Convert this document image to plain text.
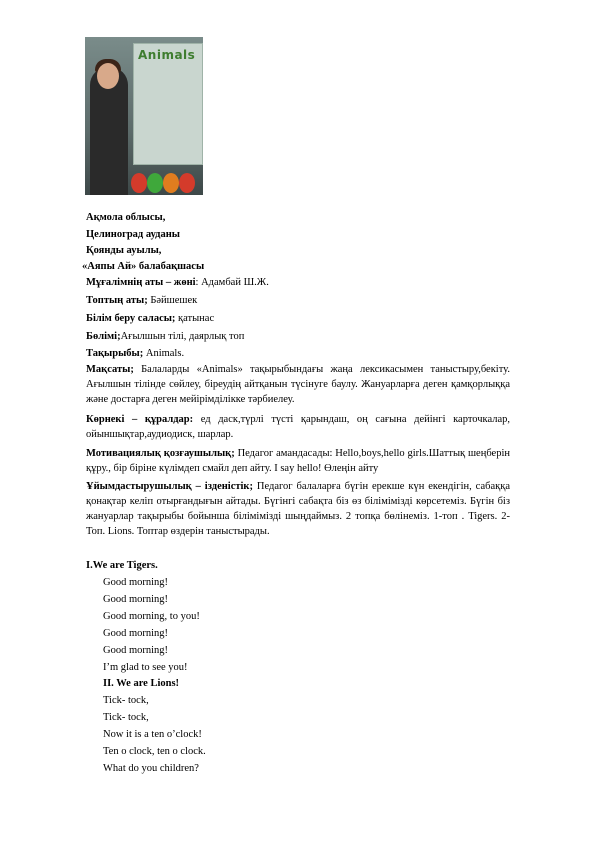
Animals
Ақмола облысы,
Целиноград ауданы
Қоянды ауылы,
«Аяпы Ай» балабақшасы
Мұғалімнің аты – жөні: Адамбай Ш.Ж.
Топтың аты; Бәйшешек
Білім беру саласы; қатынас
Бөлімі;Ағылшын тілі, даярлық топ
Тақырыбы; Animals.
Мақсаты; Балаларды «Animals» тақырыбындағы жаңа лексикасымен таныстыру,бекіту. Ағылшын тілінде сөйлеу, біреудің айтқанын түсінуге баулу. Жануарларға деген қамқорлыққа және достарға деген мейірімділікке тәрбиелеу.
Көрнекі – құралдар: ед даск,түрлі түсті қарындаш, оң сағына дейінгі карточкалар, ойыншықтар,аудиодиск, шарлар.
Мотивациялық қозғаушылық; Педагог амандасады: Hello,boys,hello girls.Шаттық шеңберін құру., бір біріне күлімдеп смайл деп айту. I say hello! Өлеңін айту
Ұйымдастырушылық – ізденістік; Педагог балаларға бүгін ерекше күн екендігін, сабаққа қонақтар келіп отырғандығын айтады. Бүгінгі сабақта біз өз білімімізді көрсетеміз. Бүгін біз жануарлар тақырыбы бойынша білімімізді шыңдаймыз. 2 топқа бөлінеміз. 1-топ . Tigers. 2- Топ. Lions. Топтар өздерін таныстырады.
I.We are Tigers.
Good morning!
Good morning!
Good morning, to you!
Good morning!
Good morning!
I’m glad to see you!
II. We are Lions!
Tick- tock,
Tick- tock,
Now it is a ten o’clock!
Ten o clock, ten o clock.
What do you children?
